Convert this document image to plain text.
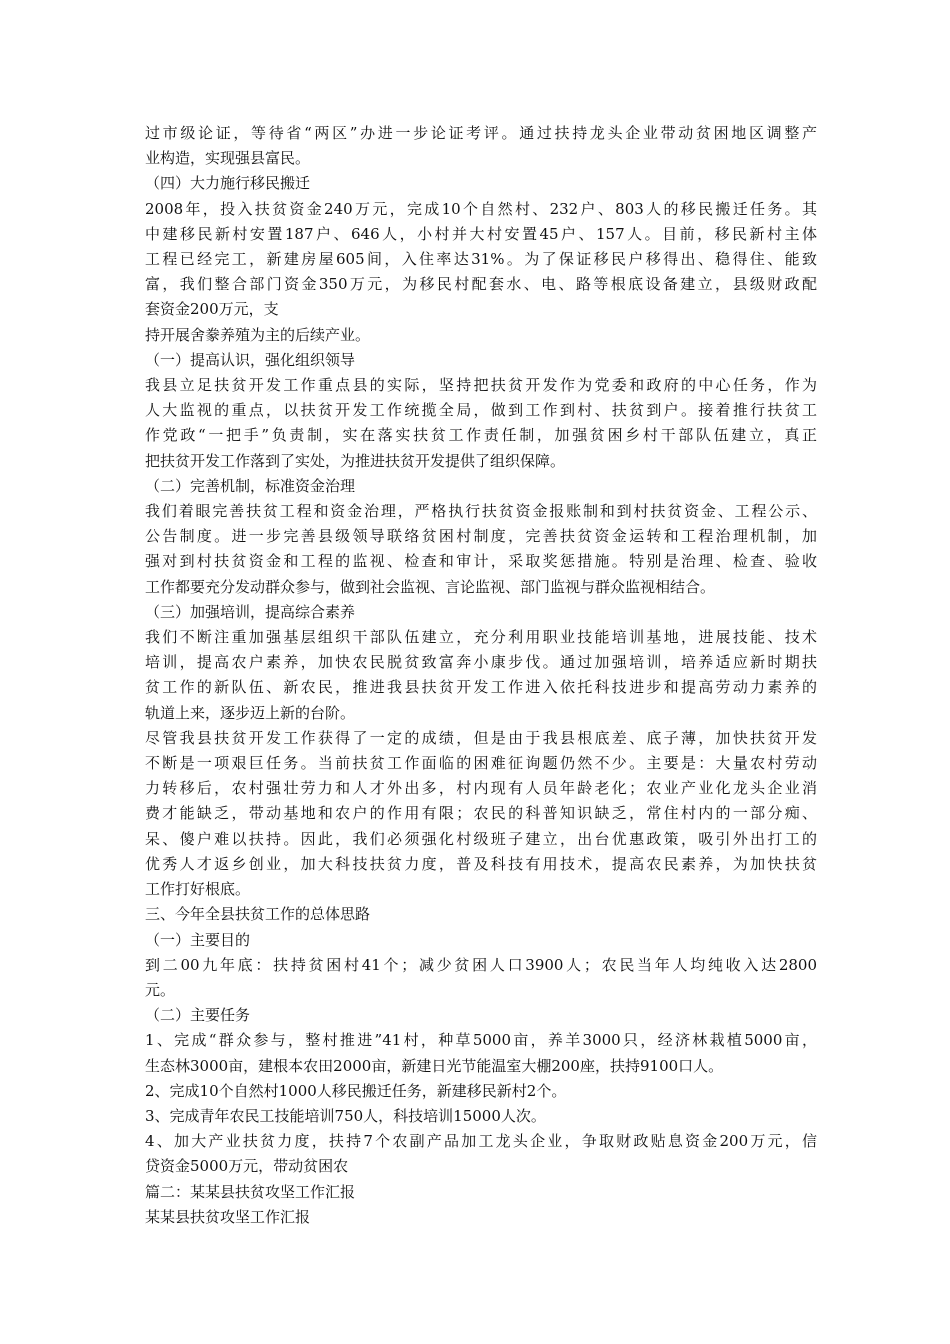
过市级论证，等待省“两区”办进一步论证考评。通过扶持龙头企业带动贫困地区调整产
业构造，实现强县富民。
（四）大力施行移民搬迁
2008年，投入扶贫资金240万元，完成10个自然村、232户、803人的移民搬迁任务。其
中建移民新村安置187户、646人，小村并大村安置45户、157人。目前，移民新村主体
工程已经完工，新建房屋605间，入住率达31%。为了保证移民户移得出、稳得住、能致
富，我们整合部门资金350万元，为移民村配套水、电、路等根底设备建立，县级财政配
套资金200万元，支
持开展舍豢养殖为主的后续产业。
（一）提高认识，强化组织领导
我县立足扶贫开发工作重点县的实际，坚持把扶贫开发作为党委和政府的中心任务，作为
人大监视的重点，以扶贫开发工作统揽全局，做到工作到村、扶贫到户。接着推行扶贫工
作党政“一把手”负责制，实在落实扶贫工作责任制，加强贫困乡村干部队伍建立，真正
把扶贫开发工作落到了实处，为推进扶贫开发提供了组织保障。
（二）完善机制，标准资金治理
我们着眼完善扶贫工程和资金治理，严格执行扶贫资金报账制和到村扶贫资金、工程公示、
公告制度。进一步完善县级领导联络贫困村制度，完善扶贫资金运转和工程治理机制，加
强对到村扶贫资金和工程的监视、检查和审计，采取奖惩措施。特别是治理、检查、验收
工作都要充分发动群众参与，做到社会监视、言论监视、部门监视与群众监视相结合。
（三）加强培训，提高综合素养
我们不断注重加强基层组织干部队伍建立，充分利用职业技能培训基地，进展技能、技术
培训，提高农户素养，加快农民脱贫致富奔小康步伐。通过加强培训，培养适应新时期扶
贫工作的新队伍、新农民，推进我县扶贫开发工作进入依托科技进步和提高劳动力素养的
轨道上来，逐步迈上新的台阶。
尽管我县扶贫开发工作获得了一定的成绩，但是由于我县根底差、底子薄，加快扶贫开发
不断是一项艰巨任务。当前扶贫工作面临的困难征询题仍然不少。主要是：大量农村劳动
力转移后，农村强壮劳力和人才外出多，村内现有人员年龄老化；农业产业化龙头企业消
费才能缺乏，带动基地和农户的作用有限；农民的科普知识缺乏，常住村内的一部分痴、
呆、傻户难以扶持。因此，我们必须强化村级班子建立，出台优惠政策，吸引外出打工的
优秀人才返乡创业，加大科技扶贫力度，普及科技有用技术，提高农民素养，为加快扶贫
工作打好根底。
三、今年全县扶贫工作的总体思路
（一）主要目的
到二00九年底：扶持贫困村41个；减少贫困人口3900人；农民当年人均纯收入达2800
元。
（二）主要任务
1、完成“群众参与，整村推进”41村，种草5000亩，养羊3000只，经济林栽植5000亩，
生态林3000亩，建根本农田2000亩，新建日光节能温室大棚200座，扶持9100口人。
2、完成10个自然村1000人移民搬迁任务，新建移民新村2个。
3、完成青年农民工技能培训750人，科技培训15000人次。
4、加大产业扶贫力度，扶持7个农副产品加工龙头企业，争取财政贴息资金200万元，信
贷资金5000万元，带动贫困农
篇二：某某县扶贫攻坚工作汇报
某某县扶贫攻坚工作汇报
